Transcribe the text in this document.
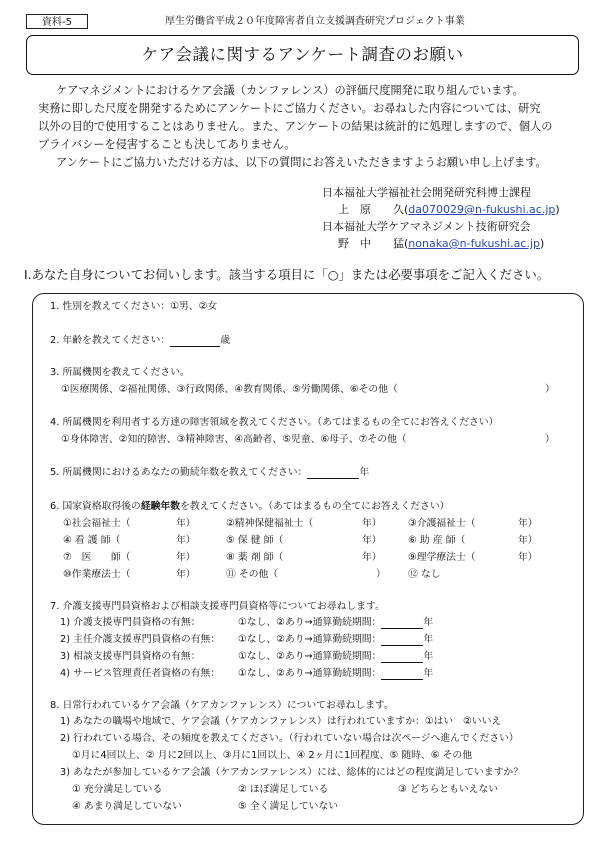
資料-5	厚生労働省平成２０年度障害者自立支援調査研究プロジェクト事業
ケア会議に関するアンケート調査のお願い
ケアマネジメントにおけるケア会議（カンファレンス）の評価尺度開発に取り組んでいます。
実務に即した尺度を開発するためにアンケートにご協力ください。お尋ねした内容については、研究
以外の目的で使用することはありません。また、アンケートの結果は統計的に処理しますので、個人の
プライバシーを侵害することも決してありません。
アンケートにご協力いただける方は、以下の質問にお答えいただきますようお願い申し上げます。
日本福祉大学福祉社会開発研究科博士課程
上　原　　久(da070029@n-fukushi.ac.jp)
日本福祉大学ケアマネジメント技術研究会
野　中　　猛(nonaka@n-fukushi.ac.jp)
Ⅰ.あなた自身についてお伺いします。該当する項目に「○」または必要事項をご記入ください。
1. 性別を教えてください：①男、②女
2. 年齢を教えてください：	歳
3. 所属機関を教えてください。
①医療関係、②福祉関係、③行政関係、④教育関係、⑤労働関係、⑥その他（	）
4. 所属機関を利用者する方達の障害領域を教えてください。（あてはまるもの全てにお答えください）
①身体障害、②知的障害、③精神障害、④高齢者、⑤児童、⑥母子、⑦その他（	）
5. 所属機関におけるあなたの勤続年数を教えてください：	年
6. 国家資格取得後の経験年数を教えてください。（あてはまるもの全てにお答えください）
①社会福祉士（	年）	②精神保健福祉士（	年）	③介護福祉士（	年）
④ 看 護 師（	年）	⑤ 保 健 師（	年）	⑥ 助 産 師（	年）
⑦　医　　師（	年）	⑧ 薬 剤 師（	年）	⑨理学療法士（	年）
⑩作業療法士（	年）	⑪ その他（	） ⑫ なし
7. 介護支援専門員資格および相談支援専門員資格等についてお尋ねします。
1) 介護支援専門員資格の有無：	①なし、②あり→通算勤続期間：	年
2) 主任介護支援専門員資格の有無： ①なし、②あり→通算勤続期間：	年
3) 相談支援専門員資格の有無：	①なし、②あり→通算勤続期間：	年
4) サービス管理責任者資格の有無： ①なし、②あり→通算勤続期間：	年
8. 日常行われているケア会議（ケアカンファレンス）についてお尋ねします。
1) あなたの職場や地域で、ケア会議（ケアカンファレンス）は行われていますか：①はい　②いいえ
2) 行われている場合、その頻度を教えてください。（行われていない場合は次ページへ進んでください）
①月に4回以上、② 月に2回以上、③月に1回以上、④ 2ヶ月に1回程度、⑤ 随時、⑥ その他
3) あなたが参加しているケア会議（ケアカンファレンス）には、総体的にはどの程度満足していますか？
① 充分満足している	② ほぼ満足している	③ どちらともいえない
④ あまり満足していない	⑤ 全く満足していない
